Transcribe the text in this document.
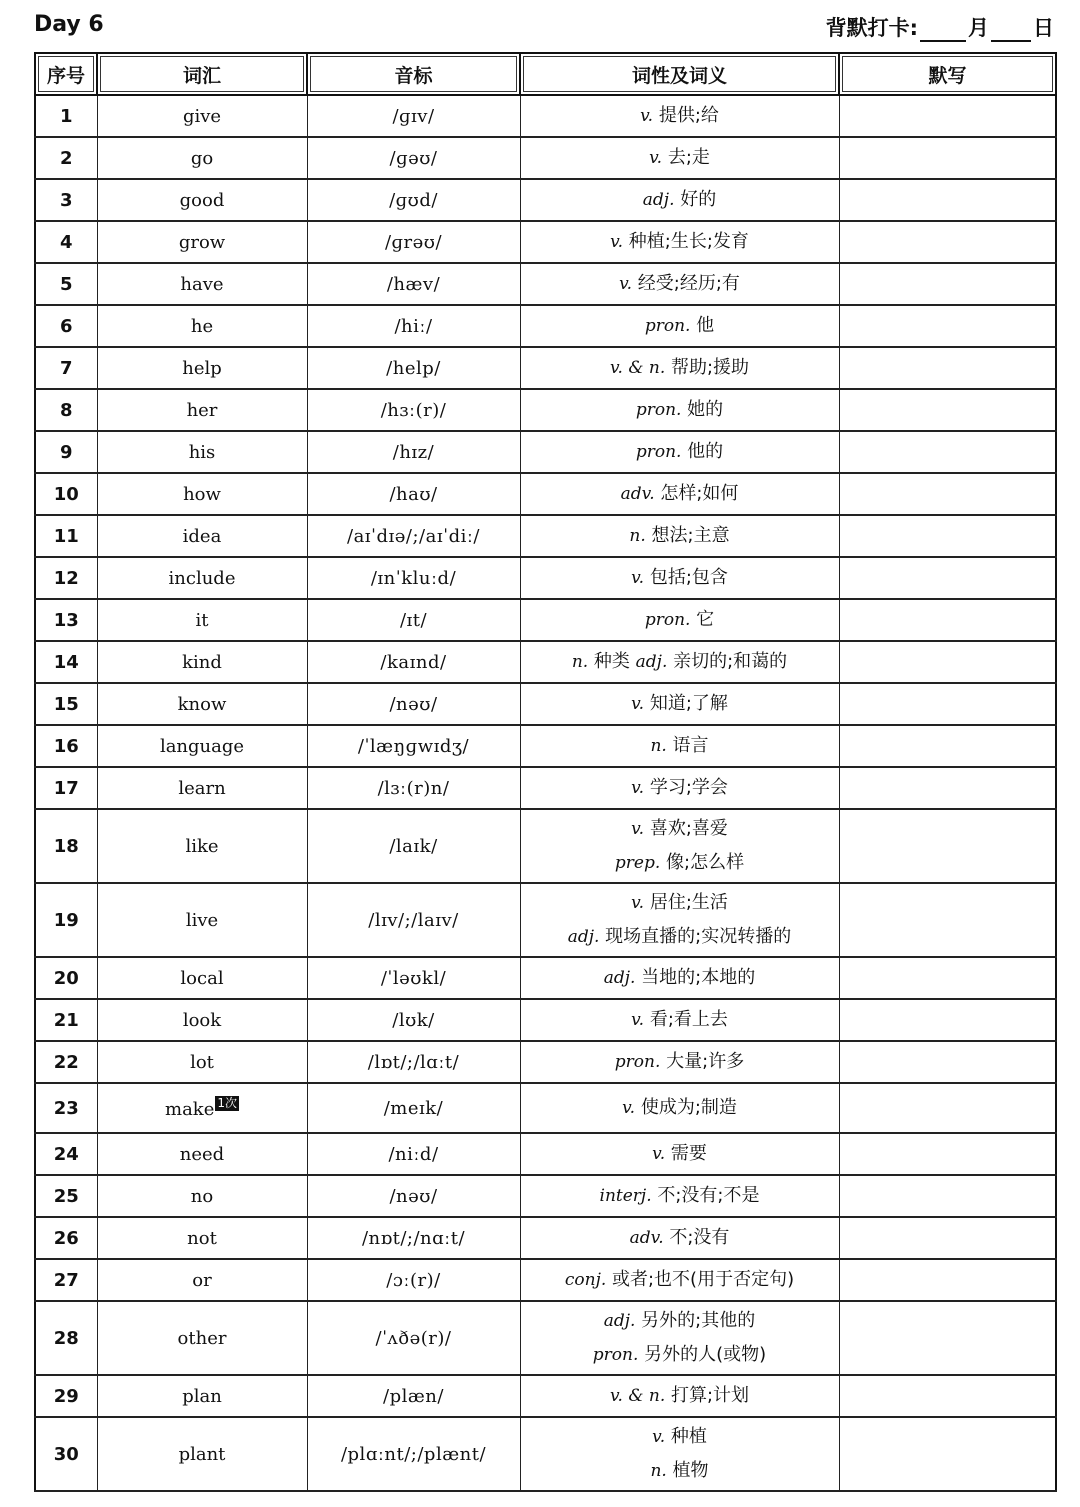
Day 6	背默打卡: 月 日
序号	词汇	音标	词性及词义	默写
1	give	/ɡɪv/	v. 提供;给	

2	go	/ɡəʊ/	v. 去;走	

3	good	/ɡʊd/	adj. 好的	

4	grow	/ɡrəʊ/	v. 种植;生长;发育	

5	have	/hæv/	v. 经受;经历;有	

6	he	/hiː/	pron. 他	

7	help	/help/	v. & n. 帮助;援助	

8	her	/hɜː(r)/	pron. 她的	

9	his	/hɪz/	pron. 他的	

10	how	/haʊ/	adv. 怎样;如何	

11	idea	/aɪˈdɪə/;/aɪˈdiː/	n. 想法;主意	

12	include	/ɪnˈkluːd/	v. 包括;包含	

13	it	/ɪt/	pron. 它	

14	kind	/kaɪnd/	n. 种类 adj. 亲切的;和蔼的	

15	know	/nəʊ/	v. 知道;了解	

16	language	/ˈlæŋɡwɪdʒ/	n. 语言	

17	learn	/lɜː(r)n/	v. 学习;学会	

18	like	/laɪk/	v. 喜欢;喜爱
prep. 像;怎么样	

19	live	/lɪv/;/laɪv/	v. 居住;生活
adj. 现场直播的;实况转播的	

20	local	/ˈləʊkl/	adj. 当地的;本地的	

21	look	/lʊk/	v. 看;看上去	

22	lot	/lɒt/;/lɑːt/	pron. 大量;许多	

23	make 1次	/meɪk/	v. 使成为;制造	

24	need	/niːd/	v. 需要	

25	no	/nəʊ/	interj. 不;没有;不是	

26	not	/nɒt/;/nɑːt/	adv. 不;没有	

27	or	/ɔː(r)/	conj. 或者;也不(用于否定句)	

28	other	/ˈʌðə(r)/	adj. 另外的;其他的
pron. 另外的人(或物)	

29	plan	/plæn/	v. & n. 打算;计划	

30	plant	/plɑːnt/;/plænt/	v. 种植
n. 植物	
